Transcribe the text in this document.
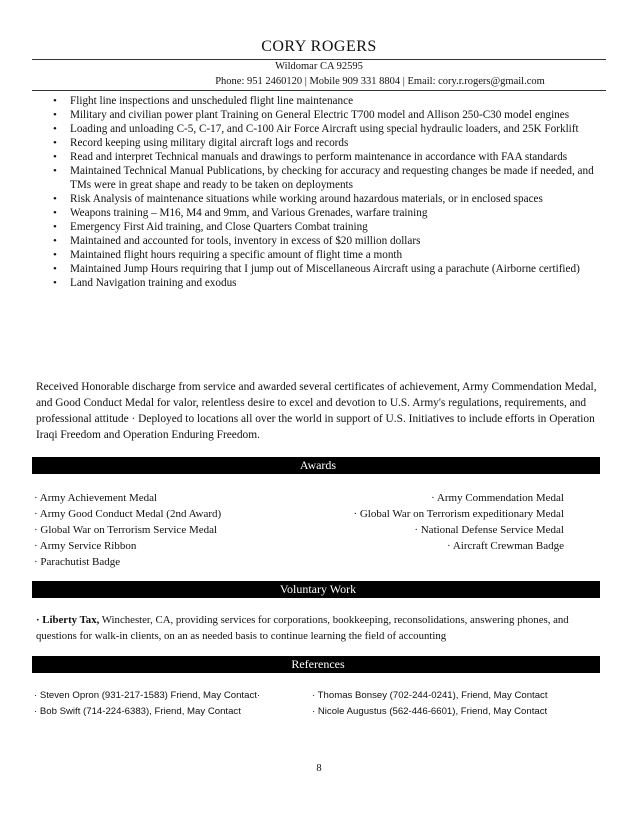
CORY ROGERS
Wildomar CA 92595
Phone: 951 2460120 | Mobile 909 331 8804 | Email: cory.r.rogers@gmail.com
• Flight line inspections and unscheduled flight line maintenance
• Military and civilian power plant Training on General Electric T700 model and Allison 250-C30 model engines
• Loading and unloading C-5, C-17, and C-100 Air Force Aircraft using special hydraulic loaders, and 25K Forklift
• Record keeping using military digital aircraft logs and records
• Read and interpret Technical manuals and drawings to perform maintenance in accordance with FAA standards
• Maintained Technical Manual Publications, by checking for accuracy and requesting changes be made if needed, and TMs were in great shape and ready to be taken on deployments
• Risk Analysis of maintenance situations while working around hazardous materials, or in enclosed spaces
• Weapons training – M16, M4 and 9mm, and Various Grenades, warfare training
• Emergency First Aid training, and Close Quarters Combat training
• Maintained and accounted for tools, inventory in excess of $20 million dollars
• Maintained flight hours requiring a specific amount of flight time a month
• Maintained Jump Hours requiring that I jump out of Miscellaneous Aircraft using a parachute (Airborne certified)
• Land Navigation training and exodus
Received Honorable discharge from service and awarded several certificates of achievement, Army Commendation Medal, and Good Conduct Medal for valor, relentless desire to excel and devotion to U.S. Army's regulations, requirements, and professional attitude · Deployed to locations all over the world in support of U.S. Initiatives to include efforts in Operation Iraqi Freedom and Operation Enduring Freedom.
Awards
· Army Achievement Medal
· Army Good Conduct Medal (2nd Award)
· Global War on Terrorism Service Medal
· Army Service Ribbon
· Parachutist Badge
· Army Commendation Medal
· Global War on Terrorism expeditionary Medal
· National Defense Service Medal
· Aircraft Crewman Badge
Voluntary Work
· Liberty Tax, Winchester, CA, providing services for corporations, bookkeeping, reconsolidations, answering phones, and questions for walk-in clients, on an as needed basis to continue learning the field of accounting
References
· Steven Opron (931-217-1583) Friend, May Contact·
· Bob Swift (714-224-6383), Friend, May Contact
· Thomas Bonsey (702-244-0241), Friend, May Contact
· Nicole Augustus (562-446-6601), Friend, May Contact
8
